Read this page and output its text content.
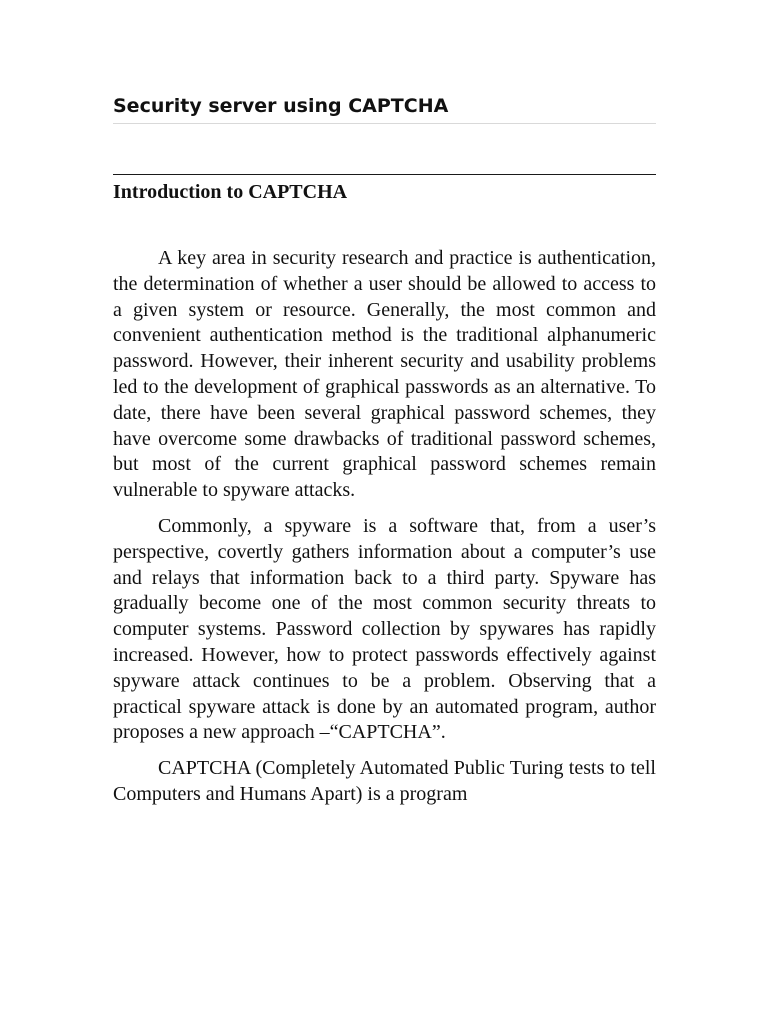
Security server using CAPTCHA
Introduction to CAPTCHA

A key area in security research and practice is authentication, the determination of whether a user should be allowed to access to a given system or resource. Generally, the most common and convenient authentication method is the traditional alphanumeric password. However, their inherent security and usability problems led to the development of graphical passwords as an alternative. To date, there have been several graphical password schemes, they have overcome some drawbacks of traditional password schemes, but most of the current graphical password schemes remain vulnerable to spyware attacks.

Commonly, a spyware is a software that, from a user’s perspective, covertly gathers information about a computer’s use and relays that information back to a third party. Spyware has gradually become one of the most common security threats to computer systems. Password collection by spywares has rapidly increased. However, how to protect passwords effectively against spyware attack continues to be a problem. Observing that a practical spyware attack is done by an automated program, author proposes a new approach –“CAPTCHA”.

CAPTCHA (Completely Automated Public Turing tests to tell Computers and Humans Apart) is a program
